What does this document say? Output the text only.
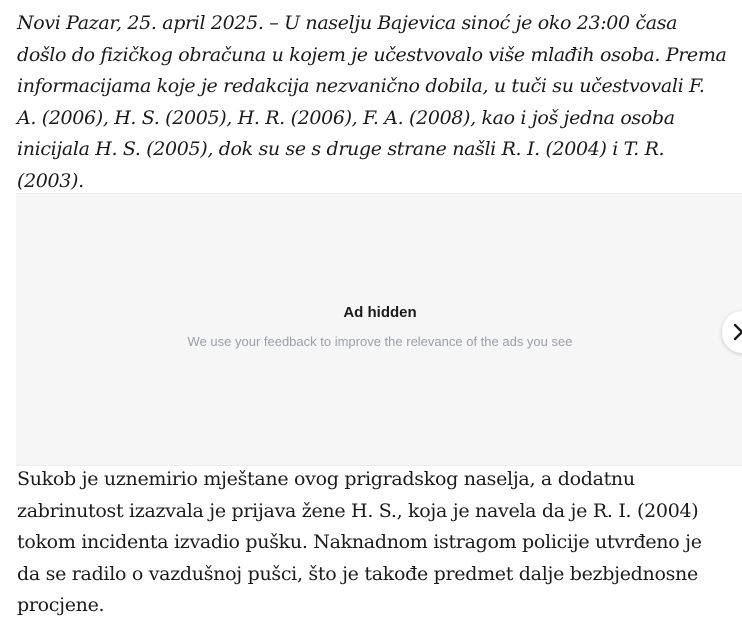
Novi Pazar, 25. april 2025. – U naselju Bajevica sinoć je oko 23:00 časa došlo do fizičkog obračuna u kojem je učestvovalo više mlađih osoba. Prema informacijama koje je redakcija nezvanično dobila, u tuči su učestvovali F. A. (2006), H. S. (2005), H. R. (2006), F. A. (2008), kao i još jedna osoba inicijala H. S. (2005), dok su se s druge strane našli R. I. (2004) i T. R. (2003).

Ad hidden
We use your feedback to improve the relevance of the ads you see

Sukob je uznemirio mještane ovog prigradskog naselja, a dodatnu zabrinutost izazvala je prijava žene H. S., koja je navela da je R. I. (2004) tokom incidenta izvadio pušku. Naknadnom istragom policije utvrđeno je da se radilo o vazdušnoj pušci, što je takođe predmet dalje bezbjednosne procjene.
